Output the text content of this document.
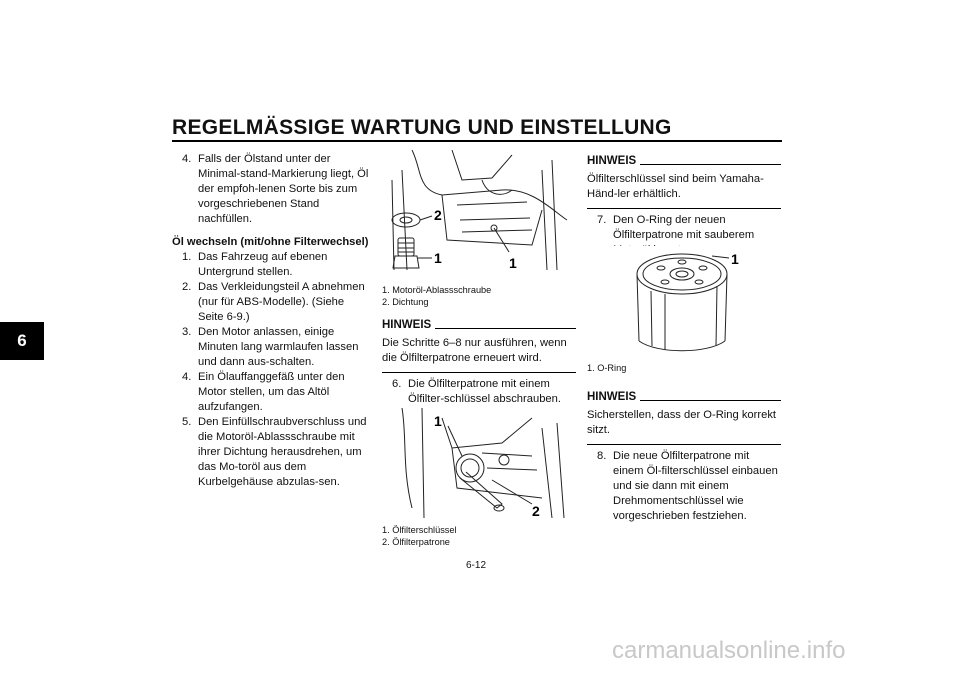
REGELMÄSSIGE WARTUNG UND EINSTELLUNG
6

4. Falls der Ölstand unter der Minimal-stand-Markierung liegt, Öl der empfoh-lenen Sorte bis zum vorgeschriebenen Stand nachfüllen.

Öl wechseln (mit/ohne Filterwechsel)

1. Das Fahrzeug auf ebenen Untergrund stellen.

2. Das Verkleidungsteil A abnehmen (nur für ABS-Modelle). (Siehe Seite 6-9.)

3. Den Motor anlassen, einige Minuten lang warmlaufen lassen und dann aus-schalten.

4. Ein Ölauffanggefäß unter den Motor stellen, um das Altöl aufzufangen.

5. Den Einfüllschraubverschluss und die Motoröl-Ablassschraube mit ihrer Dichtung herausdrehen, um das Mo-toröl aus dem Kurbelgehäuse abzulas-sen.

2
1	1
1. Motoröl-Ablassschraube
2. Dichtung
HINWEIS
Die Schritte 6–8 nur ausführen, wenn die Ölfilterpatrone erneuert wird.

6. Die Ölfilterpatrone mit einem Ölfilter-schlüssel abschrauben.

1
2
1. Ölfilterschlüssel
2. Ölfilterpatrone
HINWEIS
Ölfilterschlüssel sind beim Yamaha-Händ-ler erhältlich.

7. Den O-Ring der neuen Ölfilterpatrone mit sauberem

1
1. O-Ring
HINWEIS
Sicherstellen, dass der O-Ring korrekt sitzt.

8. Die neue Ölfilterpatrone mit einem Öl-filterschlüssel einbauen und sie dann mit einem Drehmomentschlüssel wie vorgeschrieben festziehen.

6-12
carmanualsonline.info
